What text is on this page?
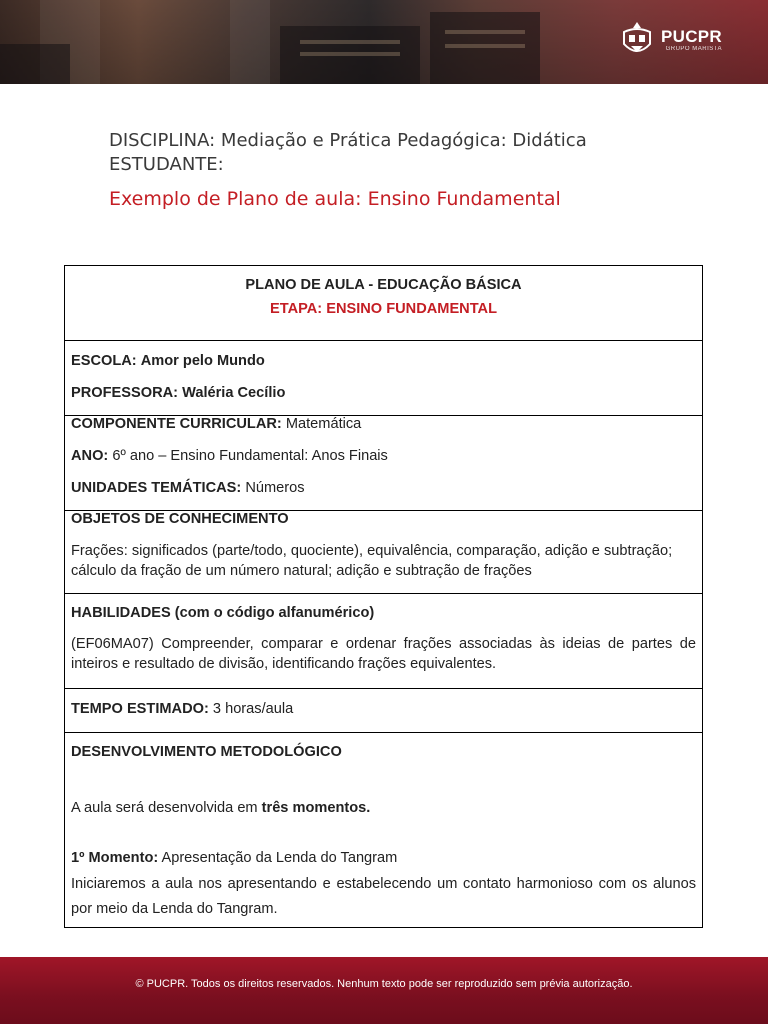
PUCPR
GRUPO MARISTA
DISCIPLINA: Mediação e Prática Pedagógica: Didática
ESTUDANTE:
Exemplo de Plano de aula: Ensino Fundamental
PLANO DE AULA - EDUCAÇÃO BÁSICA
ETAPA: ENSINO FUNDAMENTAL

ESCOLA: Amor pelo Mundo
PROFESSORA: Waléria Cecílio

COMPONENTE CURRICULAR: Matemática
ANO: 6º ano – Ensino Fundamental: Anos Finais
UNIDADES TEMÁTICAS: Números

OBJETOS DE CONHECIMENTO
Frações: significados (parte/todo, quociente), equivalência, comparação, adição e subtração; cálculo da fração de um número natural; adição e subtração de frações

HABILIDADES (com o código alfanumérico)
(EF06MA07) Compreender, comparar e ordenar frações associadas às ideias de partes de inteiros e resultado de divisão, identificando frações equivalentes.

TEMPO ESTIMADO: 3 horas/aula

DESENVOLVIMENTO METODOLÓGICO
A aula será desenvolvida em três momentos.
1º Momento: Apresentação da Lenda do Tangram
Iniciaremos a aula nos apresentando e estabelecendo um contato harmonioso com os alunos por meio da Lenda do Tangram.
© PUCPR. Todos os direitos reservados. Nenhum texto pode ser reproduzido sem prévia autorização.
